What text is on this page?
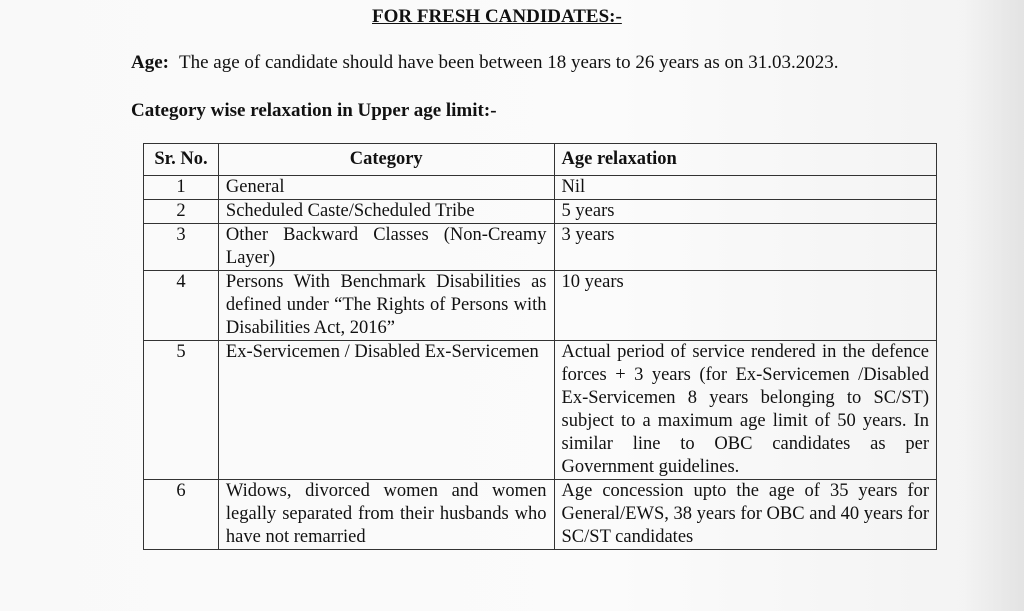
FOR FRESH CANDIDATES:-
Age: The age of candidate should have been between 18 years to 26 years as on 31.03.2023.
Category wise relaxation in Upper age limit:-
Sr. No.	Category	Age relaxation
1	General	Nil
2	Scheduled Caste/Scheduled Tribe	5 years
3	Other Backward Classes (Non-Creamy Layer)	3 years
4	Persons With Benchmark Disabilities as defined under “The Rights of Persons with Disabilities Act, 2016”	10 years
5	Ex-Servicemen / Disabled Ex-Servicemen	Actual period of service rendered in the defence forces + 3 years (for Ex-Servicemen /Disabled Ex-Servicemen 8 years belonging to SC/ST) subject to a maximum age limit of 50 years. In similar line to OBC candidates as per Government guidelines.
6	Widows, divorced women and women legally separated from their husbands who have not remarried	Age concession upto the age of 35 years for General/EWS, 38 years for OBC and 40 years for SC/ST candidates
